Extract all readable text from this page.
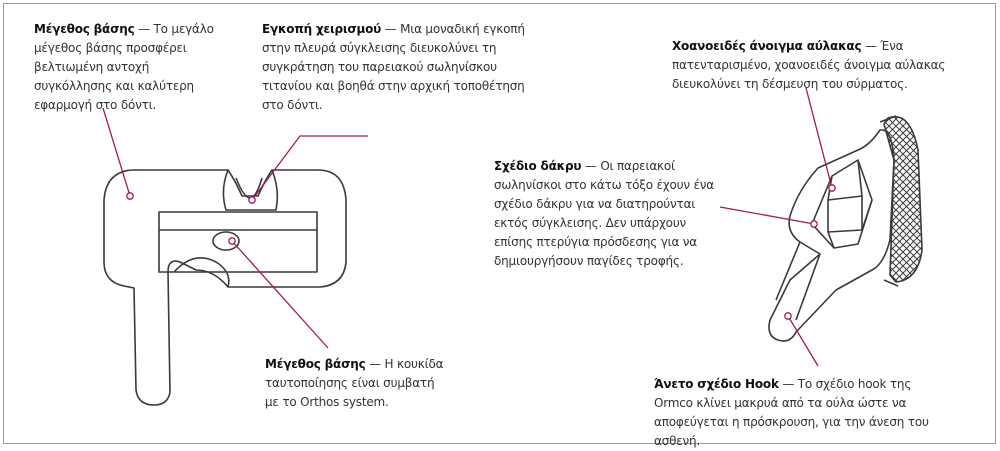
Μέγεθος βάσης — Το μεγάλο μέγεθος βάσης προσφέρει βελτιωμένη αντοχή συγκόλλησης και καλύτερη εφαρμογή στο δόντι.
Εγκοπή χειρισμού — Μια μοναδική εγκοπή στην πλευρά σύγκλεισης διευκολύνει τη συγκράτηση του παρειακού σωληνίσκου τιτανίου και βοηθά στην αρχική τοποθέτηση στο δόντι.
Μέγεθος βάσης — Η κουκίδα ταυτοποίησης είναι συμβατή με το Orthos system.
Χοανοειδές άνοιγμα αύλακας — Ένα πατενταρισμένο, χοανοειδές άνοιγμα αύλακας διευκολύνει τη δέσμευση του σύρματος.
Σχέδιο δάκρυ — Οι παρειακοί σωληνίσκοι στο κάτω τόξο έχουν ένα σχέδιο δάκρυ για να διατηρούνται εκτός σύγκλεισης. Δεν υπάρχουν επίσης πτερύγια πρόσδεσης για να δημιουργήσουν παγίδες τροφής.
Άνετο σχέδιο Hook — Το σχέδιο hook της Ormco κλίνει μακρυά από τα ούλα ώστε να αποφεύγεται η πρόσκρουση, για την άνεση του ασθενή.
